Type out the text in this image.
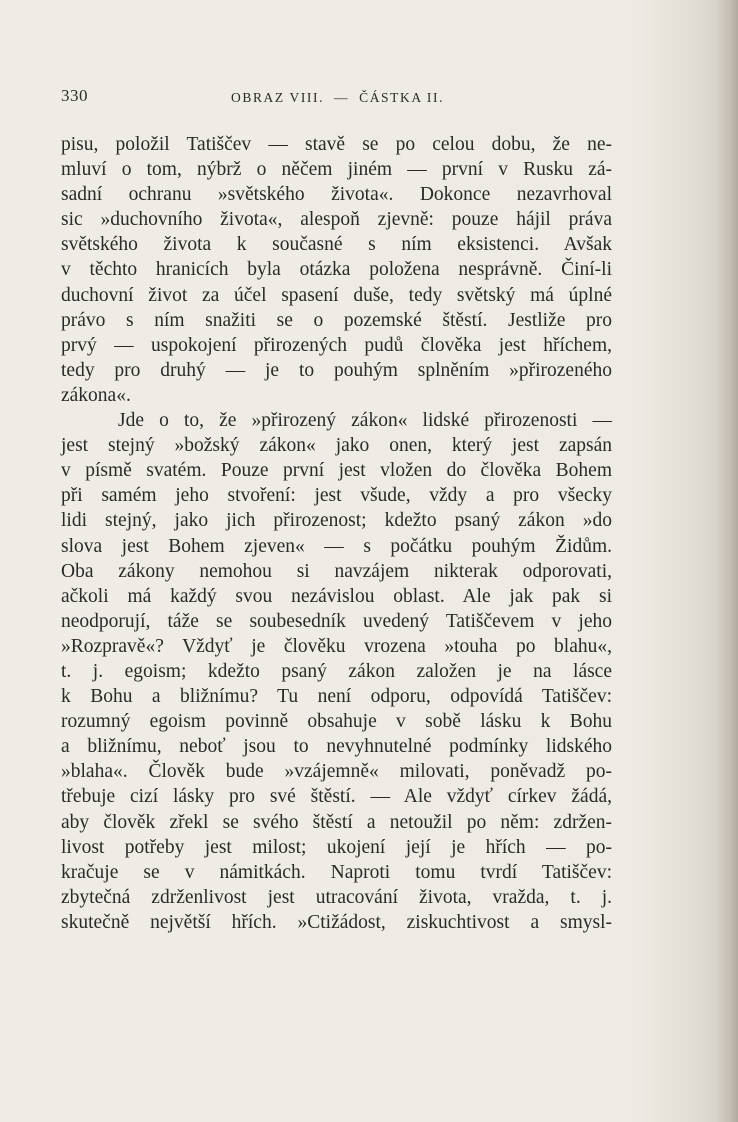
330	OBRAZ VIII.  —  ČÁSTKA II.
pisu, položil Tatiščev — stavě se po celou dobu, že ne-
mluví o tom, nýbrž o něčem jiném — první v Rusku zá-
sadní ochranu »světského života«. Dokonce nezavrhoval
sic »duchovního života«, alespoň zjevně: pouze hájil práva
světského života k současné s ním eksistenci. Avšak
v těchto hranicích byla otázka položena nesprávně. Činí-li
duchovní život za účel spasení duše, tedy světský má úplné
právo s ním snažiti se o pozemské štěstí. Jestliže pro
prvý — uspokojení přirozených pudů člověka jest hříchem,
tedy pro druhý — je to pouhým splněním »přirozeného
zákona«.
Jde o to, že »přirozený zákon« lidské přirozenosti —
jest stejný »božský zákon« jako onen, který jest zapsán
v písmě svatém. Pouze první jest vložen do člověka Bohem
při samém jeho stvoření: jest všude, vždy a pro všecky
lidi stejný, jako jich přirozenost; kdežto psaný zákon »do
slova jest Bohem zjeven« — s počátku pouhým Židům.
Oba zákony nemohou si navzájem nikterak odporovati,
ačkoli má každý svou nezávislou oblast. Ale jak pak si
neodporují, táže se soubesedník uvedený Tatiščevem v jeho
»Rozpravě«? Vždyť je člověku vrozena »touha po blahu«,
t. j. egoism; kdežto psaný zákon založen je na lásce
k Bohu a bližnímu? Tu není odporu, odpovídá Tatiščev:
rozumný egoism povinně obsahuje v sobě lásku k Bohu
a bližnímu, neboť jsou to nevyhnutelné podmínky lidského
»blaha«. Člověk bude »vzájemně« milovati, poněvadž po-
třebuje cizí lásky pro své štěstí. — Ale vždyť církev žádá,
aby člověk zřekl se svého štěstí a netoužil po něm: zdržen-
livost potřeby jest milost; ukojení její je hřích — po-
kračuje se v námitkách. Naproti tomu tvrdí Tatiščev:
zbytečná zdrženlivost jest utracování života, vražda, t. j.
skutečně největší hřích. »Ctižádost, ziskuchtivost a smysl-
